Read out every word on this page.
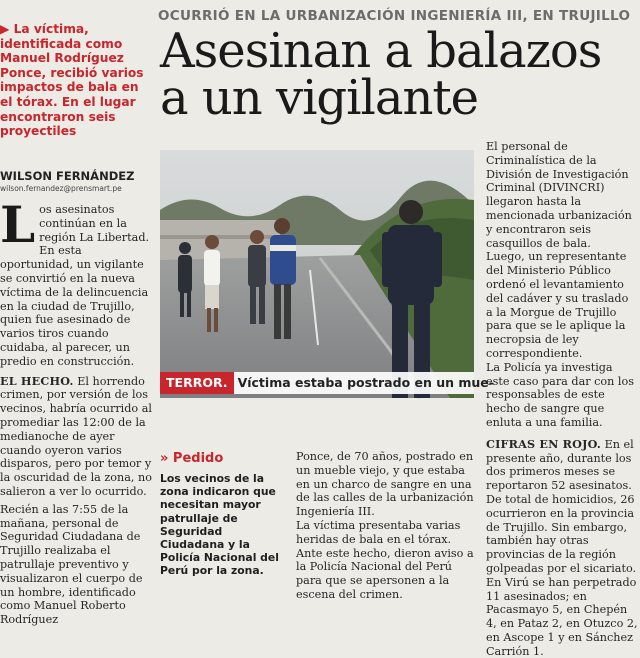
OCURRIÓ EN LA URBANIZACIÓN INGENIERÍA III, EN TRUJILLO
Asesinan a balazos
a un vigilante
▶ La víctima, identificada como Manuel Rodríguez Ponce, recibió varios impactos de bala en el tórax. En el lugar encontraron seis proyectiles
WILSON FERNÁNDEZ
wilson.fernandez@prensmart.pe

Los asesinatos continúan en la región La Libertad. En esta oportunidad, un vigilante se convirtió en la nueva víctima de la delincuencia en la ciudad de Trujillo, quien fue asesinado de varios tiros cuando cuidaba, al parecer, un predio en construcción.

EL HECHO. El horrendo crimen, por versión de los vecinos, habría ocurrido al promediar las 12:00 de la medianoche de ayer cuando oyeron varios disparos, pero por temor y la oscuridad de la zona, no salieron a ver lo ocurrido.

Recién a las 7:55 de la mañana, personal de Seguridad Ciudadana de Trujillo realizaba el patrullaje preventivo y visualizaron el cuerpo de un hombre, identificado como Manuel Roberto Rodríguez

TERROR. Víctima estaba postrado en un mue-
» Pedido
Los vecinos de la zona indicaron que necesitan mayor patrullaje de Seguridad Ciudadana y la Policía Nacional del Perú por la zona.

Ponce, de 70 años, postrado en un mueble viejo, y que estaba en un charco de sangre en una de las calles de la urbanización Ingeniería III.

La víctima presentaba varias heridas de bala en el tórax.

Ante este hecho, dieron aviso a la Policía Nacional del Perú para que se apersonen a la escena del crimen.

El personal de Criminalística de la División de Investigación Criminal (DIVINCRI) llegaron hasta la mencionada urbanización y encontraron seis casquillos de bala.

Luego, un representante del Ministerio Público ordenó el levantamiento del cadáver y su traslado a la Morgue de Trujillo para que se le aplique la necropsia de ley correspondiente.

La Policía ya investiga este caso para dar con los responsables de este hecho de sangre que enluta a una familia.

CIFRAS EN ROJO. En el presente año, durante los dos primeros meses se reportaron 52 asesinatos. De total de homicidios, 26 ocurrieron en la provincia de Trujillo. Sin embargo, también hay otras provincias de la región golpeadas por el sicariato. En Virú se han perpetrado 11 asesinados; en Pacasmayo 5, en Chepén 4, en Pataz 2, en Otuzco 2, en Ascope 1 y en Sánchez Carrión 1.
